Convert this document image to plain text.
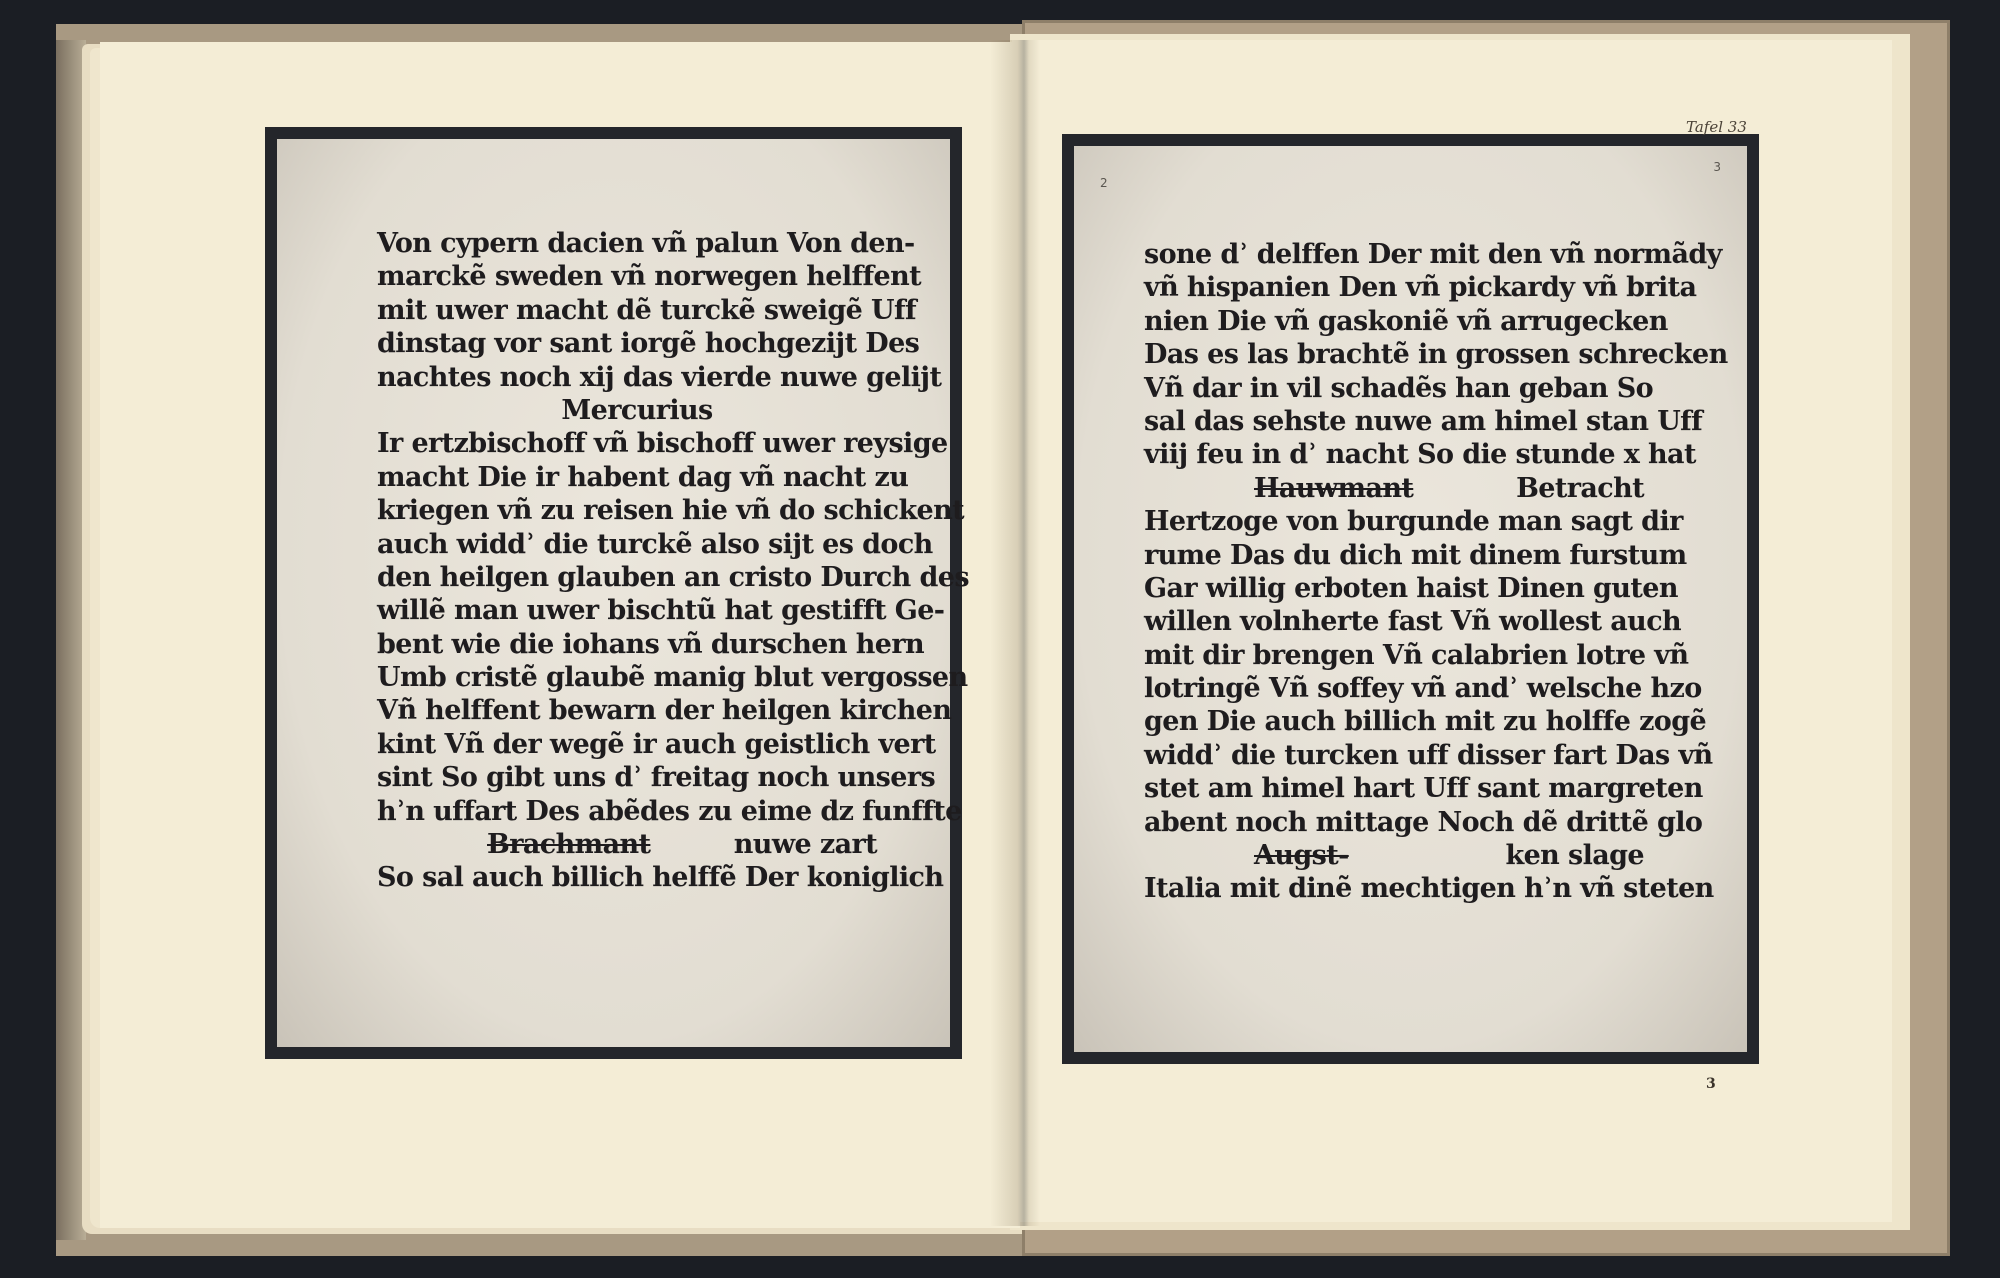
Von cypern dacien vñ palun Von den-
marckẽ sweden vñ norwegen helffent
mit uwer macht dẽ turckẽ sweigẽ Uff
dinstag vor sant iorgẽ hochgezijt Des
nachtes noch xij das vierde nuwe gelijt
Mercurius
Ir ertzbischoff vñ bischoff uwer reysige
macht Die ir habent dag vñ nacht zu
kriegen vñ zu reisen hie vñ do schickent
auch widdʾ die turckẽ also sijt es doch
den heilgen glauben an cristo Durch des
willẽ man uwer bischtũ hat gestifft Ge-
bent wie die iohans vñ durschen hern
Umb cristẽ glaubẽ manig blut vergossen
Vñ helffent bewarn der heilgen kirchen
kint Vñ der wegẽ ir auch geistlich vert
sint So gibt uns dʾ freitag noch unsers
hʾn uffart Des abẽdes zu eime dz funffte
Brachmant	nuwe zart
So sal auch billich helffẽ Der koniglich
2
3
sone dʾ delffen Der mit den vñ normãdy
vñ hispanien Den vñ pickardy vñ brita
nien Die vñ gaskoniẽ vñ arrugecken
Das es las brachtẽ in grossen schrecken
Vñ dar in vil schadẽs han geban So
sal das sehste nuwe am himel stan Uff
viij feu in dʾ nacht So die stunde x hat
Hauwmant	Betracht
Hertzoge von burgunde man sagt dir
rume Das du dich mit dinem furstum
Gar willig erboten haist Dinen guten
willen volnherte fast Vñ wollest auch
mit dir brengen Vñ calabrien lotre vñ
lotringẽ Vñ soffey vñ andʾ welsche hzo
gen Die auch billich mit zu holffe zogẽ
widdʾ die turcken uff disser fart Das vñ
stet am himel hart Uff sant margreten
abent noch mittage Noch dẽ drittẽ glo
Augst-	ken slage
Italia mit dinẽ mechtigen hʾn vñ steten
Tafel 33
3
